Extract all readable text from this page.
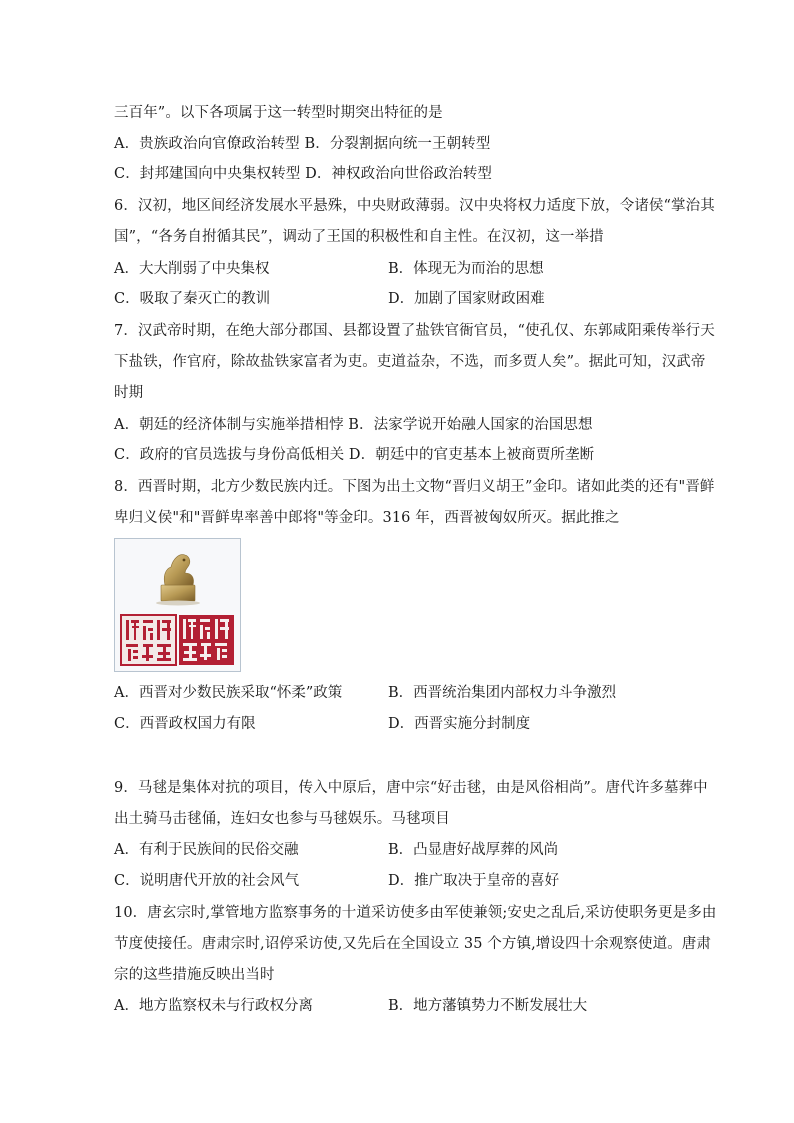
三百年”。以下各项属于这一转型时期突出特征的是
A．贵族政治向官僚政治转型 B．分裂割据向统一王朝转型
C．封邦建国向中央集权转型 D．神权政治向世俗政治转型
6．汉初，地区间经济发展水平悬殊，中央财政薄弱。汉中央将权力适度下放，令诸侯“掌治其
国”，“各务自拊循其民”，调动了王国的积极性和自主性。在汉初，这一举措
A．大大削弱了中央集权	B．体现无为而治的思想
C．吸取了秦灭亡的教训	D．加剧了国家财政困难
7．汉武帝时期，在绝大部分郡国、县都设置了盐铁官衙官员，“使孔仅、东郭咸阳乘传举行天
下盐铁，作官府，除故盐铁家富者为吏。吏道益杂，不选，而多贾人矣”。据此可知，汉武帝
时期
A．朝廷的经济体制与实施举措相悖 B．法家学说开始融人国家的治国思想
C．政府的官员选拔与身份高低相关 D．朝廷中的官吏基本上被商贾所垄断
8．西晋时期，北方少数民族内迁。下图为出土文物“晋归义胡王”金印。诸如此类的还有"晋鲜
卑归义侯"和"晋鲜卑率善中郎将"等金印。316 年，西晋被匈奴所灭。据此推之
A．西晋对少数民族采取“怀柔”政策	B．西晋统治集团内部权力斗争激烈
C．西晋政权国力有限	D．西晋实施分封制度
9．马毬是集体对抗的项目，传入中原后，唐中宗“好击毬，由是风俗相尚”。唐代许多墓葬中
出土骑马击毬俑，连妇女也参与马毬娱乐。马毬项目
A．有利于民族间的民俗交融	B．凸显唐好战厚葬的风尚
C．说明唐代开放的社会风气	D．推广取决于皇帝的喜好
10．唐玄宗时,掌管地方监察事务的十道采访使多由军使兼领;安史之乱后,采访使职务更是多由
节度使接任。唐肃宗时,诏停采访使,又先后在全国设立 35 个方镇,增设四十余观察使道。唐肃
宗的这些措施反映出当时
A．地方监察权未与行政权分离	B．地方藩镇势力不断发展壮大
